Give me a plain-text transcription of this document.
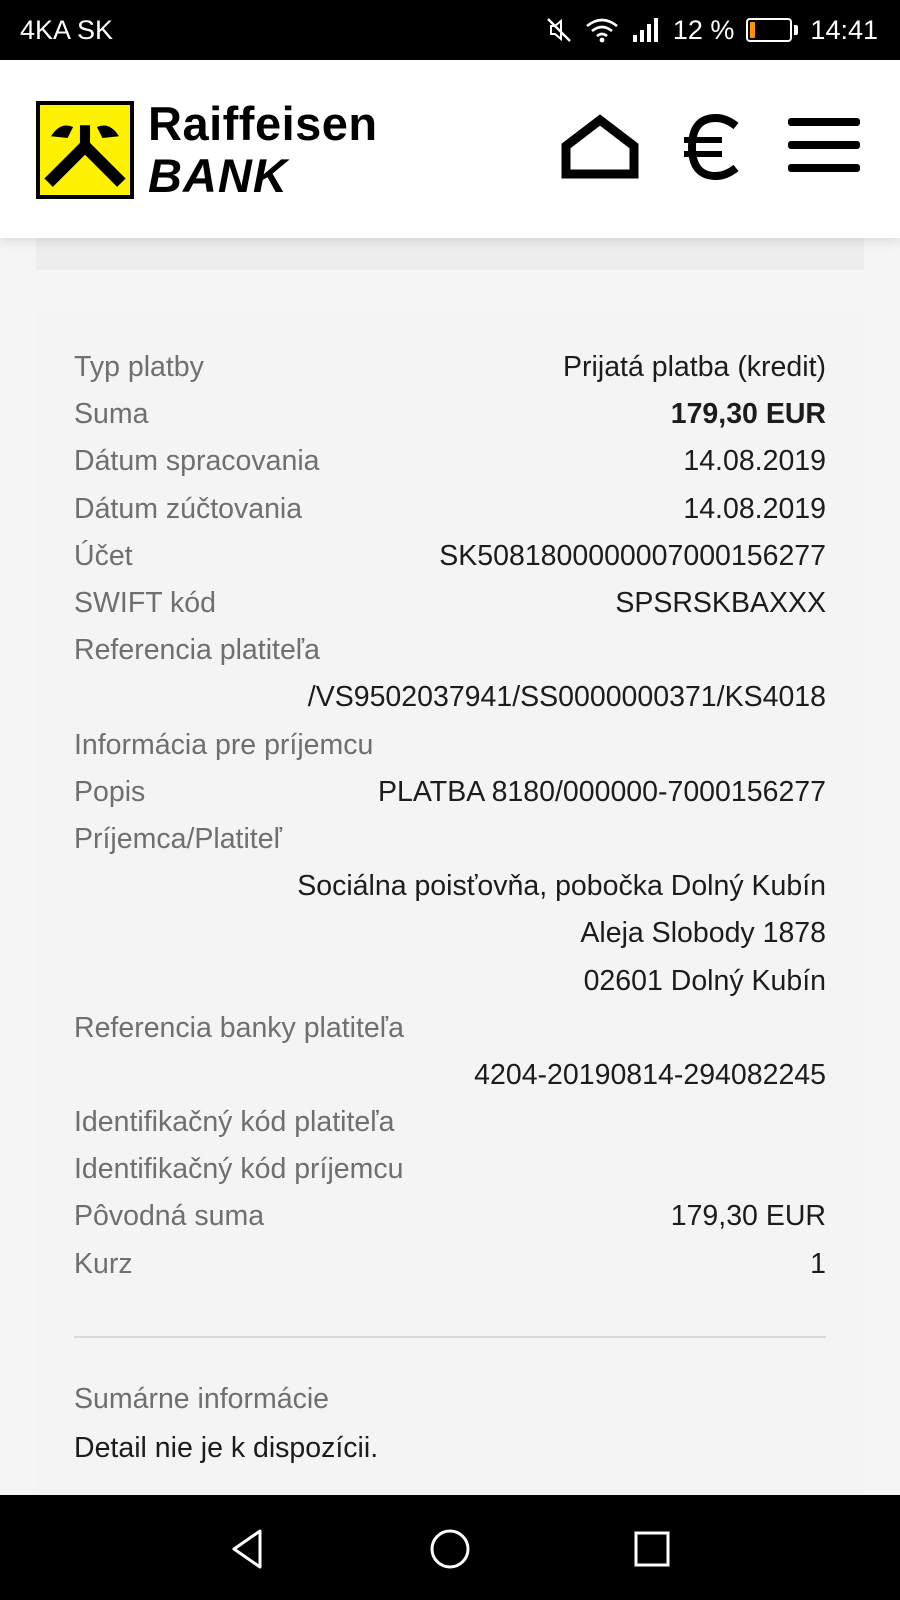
4KA SK	12 %	14:41
Raiffeisen
BANK
Typ platby	Prijatá platba (kredit)
Suma	179,30 EUR
Dátum spracovania	14.08.2019
Dátum zúčtovania	14.08.2019
Účet	SK5081800000007000156277
SWIFT kód	SPSRSKBAXXX
Referencia platiteľa
/VS9502037941/SS0000000371/KS4018
Informácia pre príjemcu
Popis	PLATBA 8180/000000-7000156277
Príjemca/Platiteľ
Sociálna poisťovňa, pobočka Dolný Kubín
Aleja Slobody 1878
02601 Dolný Kubín
Referencia banky platiteľa
4204-20190814-294082245
Identifikačný kód platiteľa
Identifikačný kód príjemcu
Pôvodná suma	179,30 EUR
Kurz	1
Sumárne informácie
Detail nie je k dispozícii.
